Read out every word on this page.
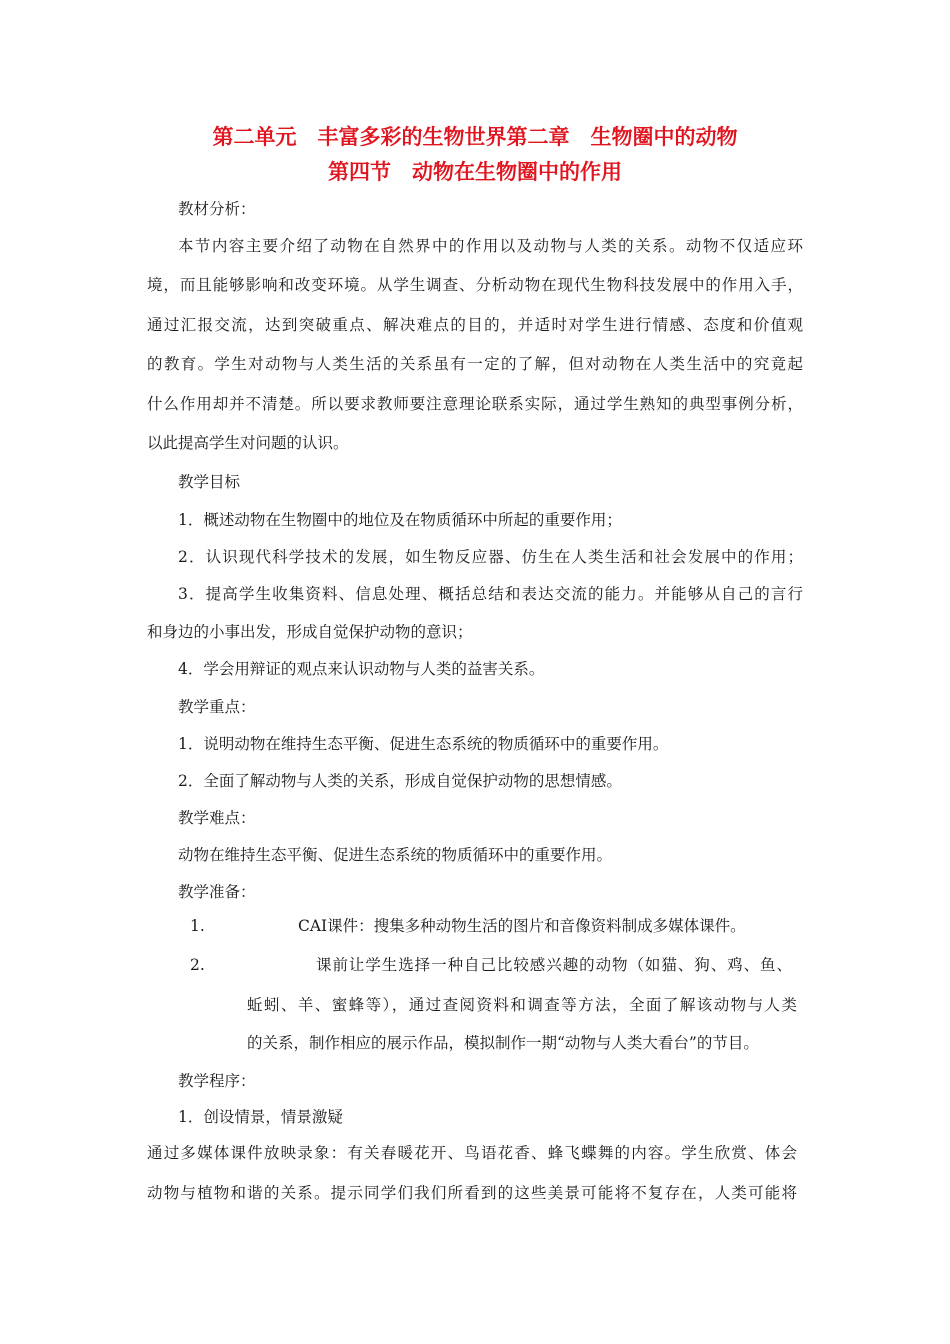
第二单元　丰富多彩的生物世界第二章　生物圈中的动物
第四节　动物在生物圈中的作用
教材分析：
本节内容主要介绍了动物在自然界中的作用以及动物与人类的关系。动物不仅适应环
境，而且能够影响和改变环境。从学生调查、分析动物在现代生物科技发展中的作用入手，
通过汇报交流，达到突破重点、解决难点的目的，并适时对学生进行情感、态度和价值观
的教育。学生对动物与人类生活的关系虽有一定的了解，但对动物在人类生活中的究竟起
什么作用却并不清楚。所以要求教师要注意理论联系实际，通过学生熟知的典型事例分析，
以此提高学生对问题的认识。
教学目标
1．概述动物在生物圈中的地位及在物质循环中所起的重要作用；
2．认识现代科学技术的发展，如生物反应器、仿生在人类生活和社会发展中的作用；
3．提高学生收集资料、信息处理、概括总结和表达交流的能力。并能够从自己的言行
和身边的小事出发，形成自觉保护动物的意识；
4．学会用辩证的观点来认识动物与人类的益害关系。
教学重点：
1．说明动物在维持生态平衡、促进生态系统的物质循环中的重要作用。
2．全面了解动物与人类的关系，形成自觉保护动物的思想情感。
教学难点：
动物在维持生态平衡、促进生态系统的物质循环中的重要作用。
教学准备：
1.	CAI课件：搜集多种动物生活的图片和音像资料制成多媒体课件。
2.	课前让学生选择一种自己比较感兴趣的动物（如猫、狗、鸡、鱼、
蚯蚓、羊、蜜蜂等），通过查阅资料和调查等方法，全面了解该动物与人类
的关系，制作相应的展示作品，模拟制作一期“动物与人类大看台”的节目。
教学程序：
1．创设情景，情景激疑
通过多媒体课件放映录象：有关春暖花开、鸟语花香、蜂飞蝶舞的内容。学生欣赏、体会
动物与植物和谐的关系。提示同学们我们所看到的这些美景可能将不复存在，人类可能将
